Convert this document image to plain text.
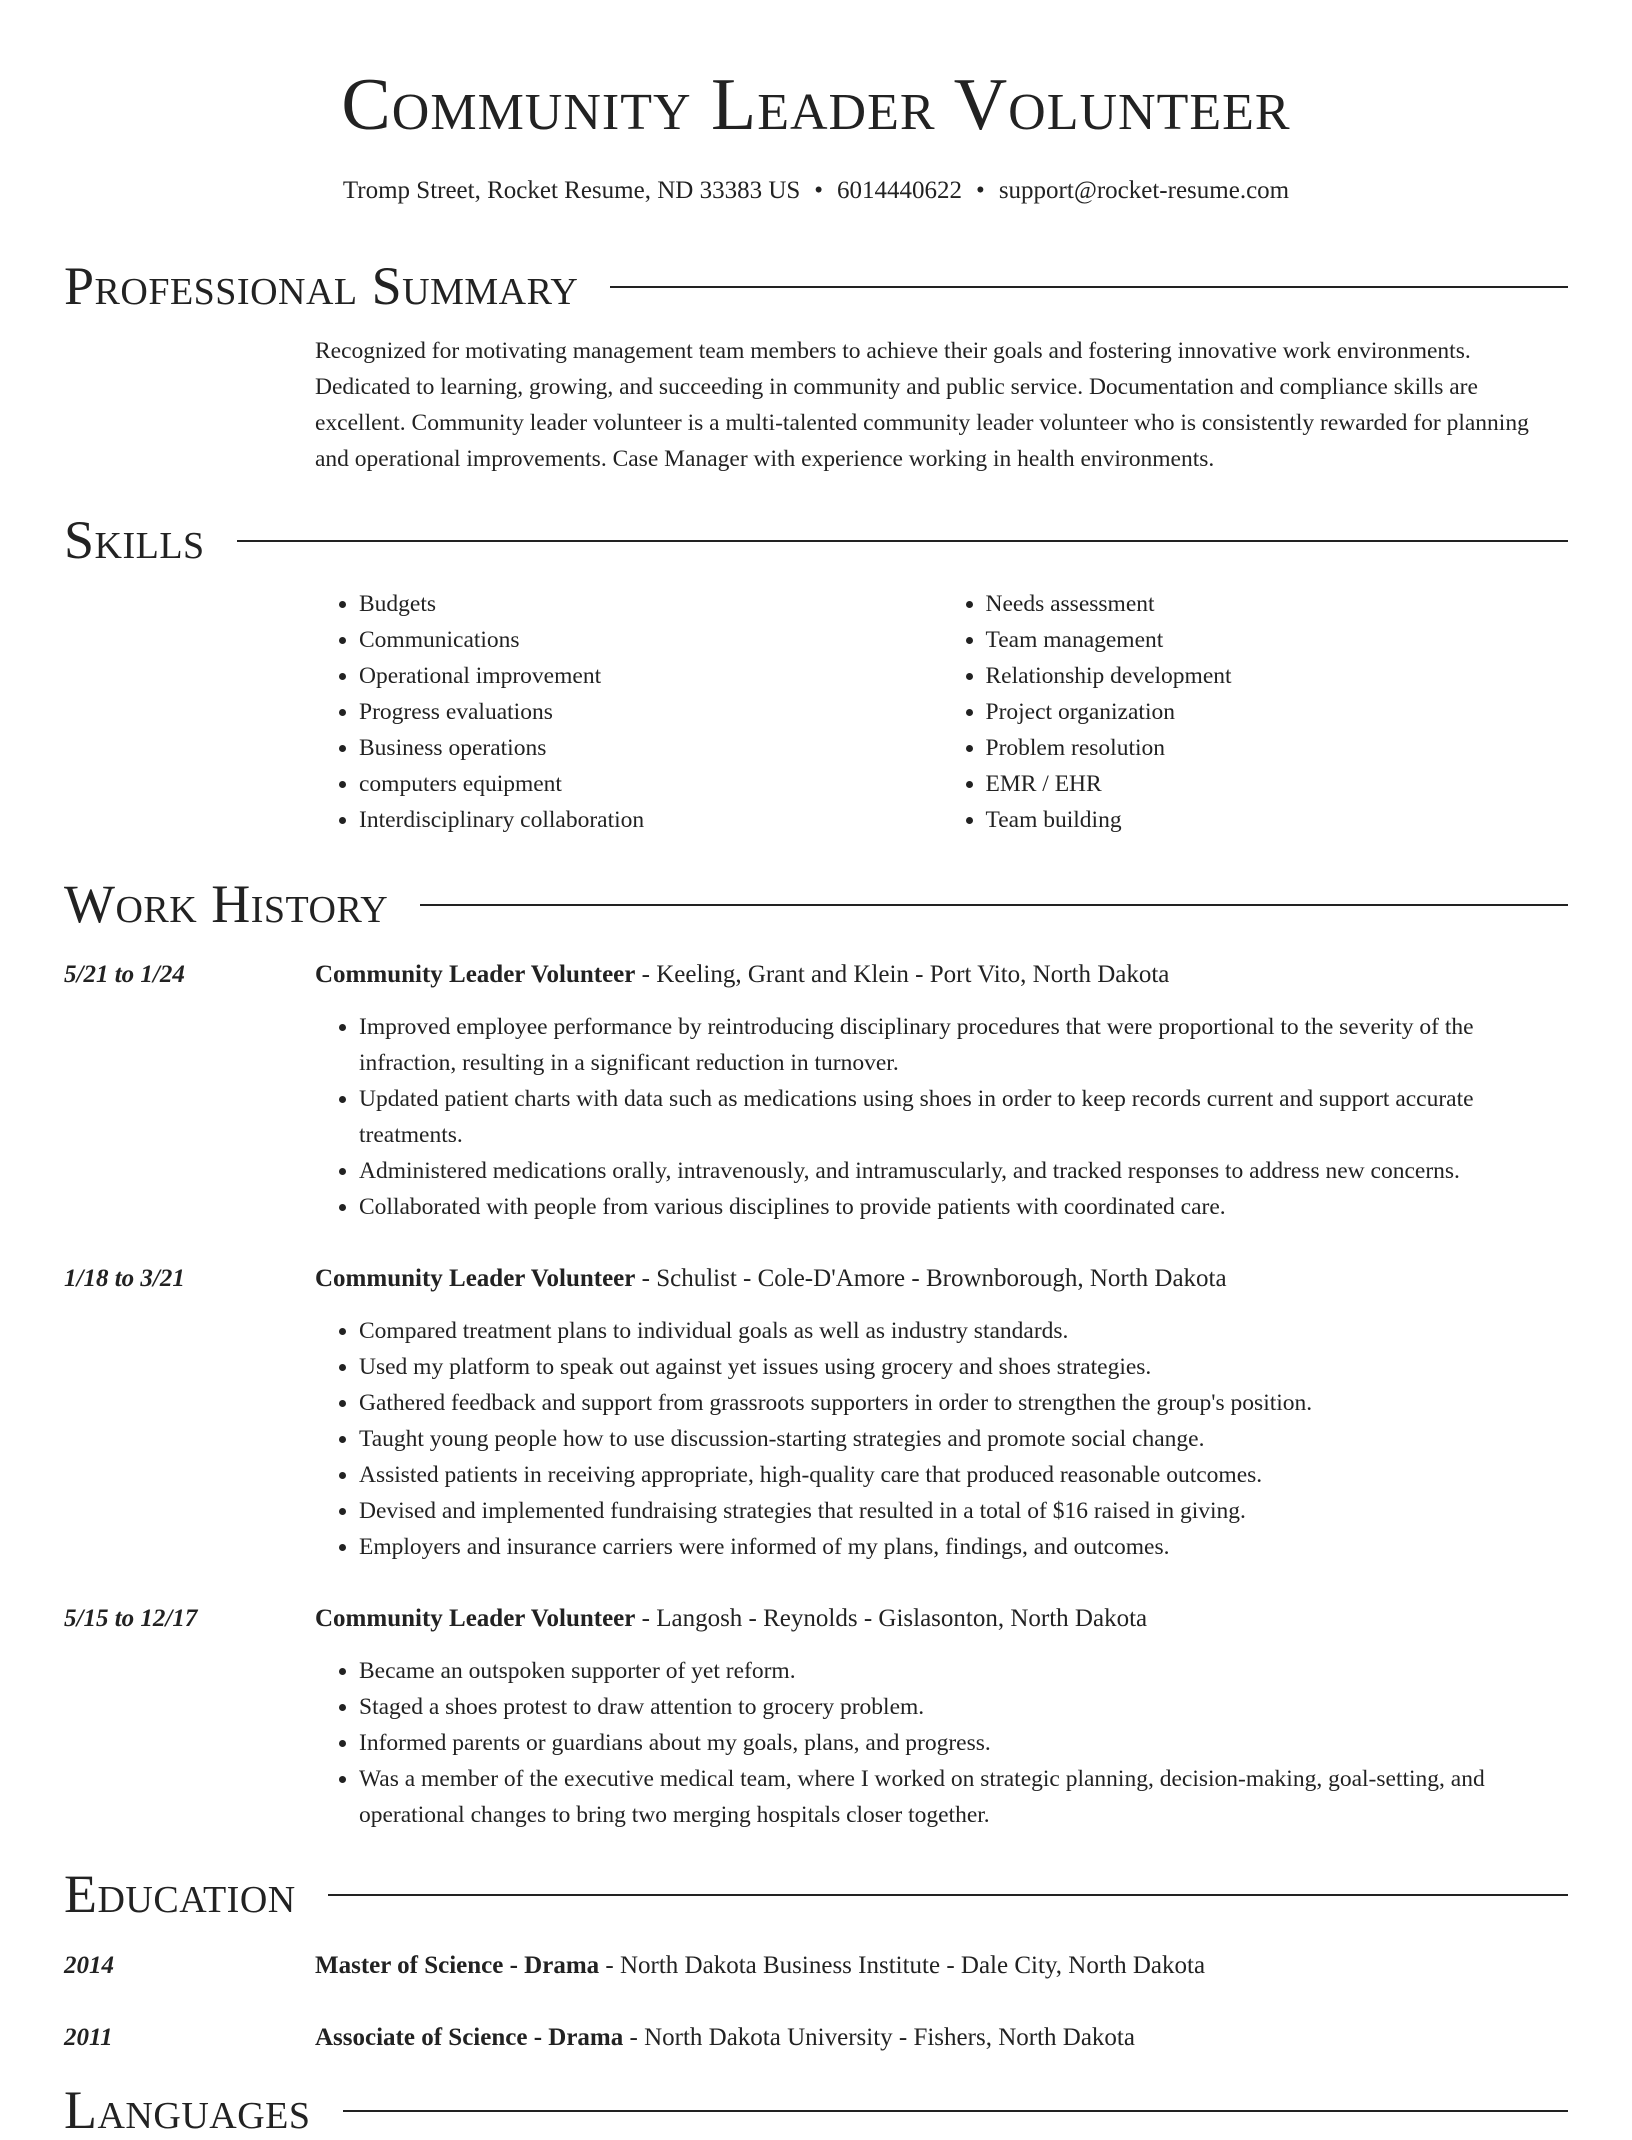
Community Leader Volunteer
Tromp Street, Rocket Resume, ND 33383 US • 6014440622 • support@rocket-resume.com
Professional Summary

Recognized for motivating management team members to achieve their goals and fostering innovative work environments. Dedicated to learning, growing, and succeeding in community and public service. Documentation and compliance skills are excellent. Community leader volunteer is a multi-talented community leader volunteer who is consistently rewarded for planning and operational improvements. Case Manager with experience working in health environments.

Skills
• Budgets
• Communications
• Operational improvement
• Progress evaluations
• Business operations
• computers equipment
• Interdisciplinary collaboration
• Needs assessment
• Team management
• Relationship development
• Project organization
• Problem resolution
• EMR / EHR
• Team building
Work History
5/21 to 1/24	Community Leader Volunteer - Keeling, Grant and Klein - Port Vito, North Dakota
• Improved employee performance by reintroducing disciplinary procedures that were proportional to the severity of the infraction, resulting in a significant reduction in turnover.
• Updated patient charts with data such as medications using shoes in order to keep records current and support accurate treatments.
• Administered medications orally, intravenously, and intramuscularly, and tracked responses to address new concerns.
• Collaborated with people from various disciplines to provide patients with coordinated care.
1/18 to 3/21	Community Leader Volunteer - Schulist - Cole-D'Amore - Brownborough, North Dakota
• Compared treatment plans to individual goals as well as industry standards.
• Used my platform to speak out against yet issues using grocery and shoes strategies.
• Gathered feedback and support from grassroots supporters in order to strengthen the group's position.
• Taught young people how to use discussion-starting strategies and promote social change.
• Assisted patients in receiving appropriate, high-quality care that produced reasonable outcomes.
• Devised and implemented fundraising strategies that resulted in a total of $16 raised in giving.
• Employers and insurance carriers were informed of my plans, findings, and outcomes.
5/15 to 12/17	Community Leader Volunteer - Langosh - Reynolds - Gislasonton, North Dakota
• Became an outspoken supporter of yet reform.
• Staged a shoes protest to draw attention to grocery problem.
• Informed parents or guardians about my goals, plans, and progress.
• Was a member of the executive medical team, where I worked on strategic planning, decision-making, goal-setting, and operational changes to bring two merging hospitals closer together.
Education
2014	Master of Science - Drama - North Dakota Business Institute - Dale City, North Dakota
2011	Associate of Science - Drama - North Dakota University - Fishers, North Dakota
Languages
